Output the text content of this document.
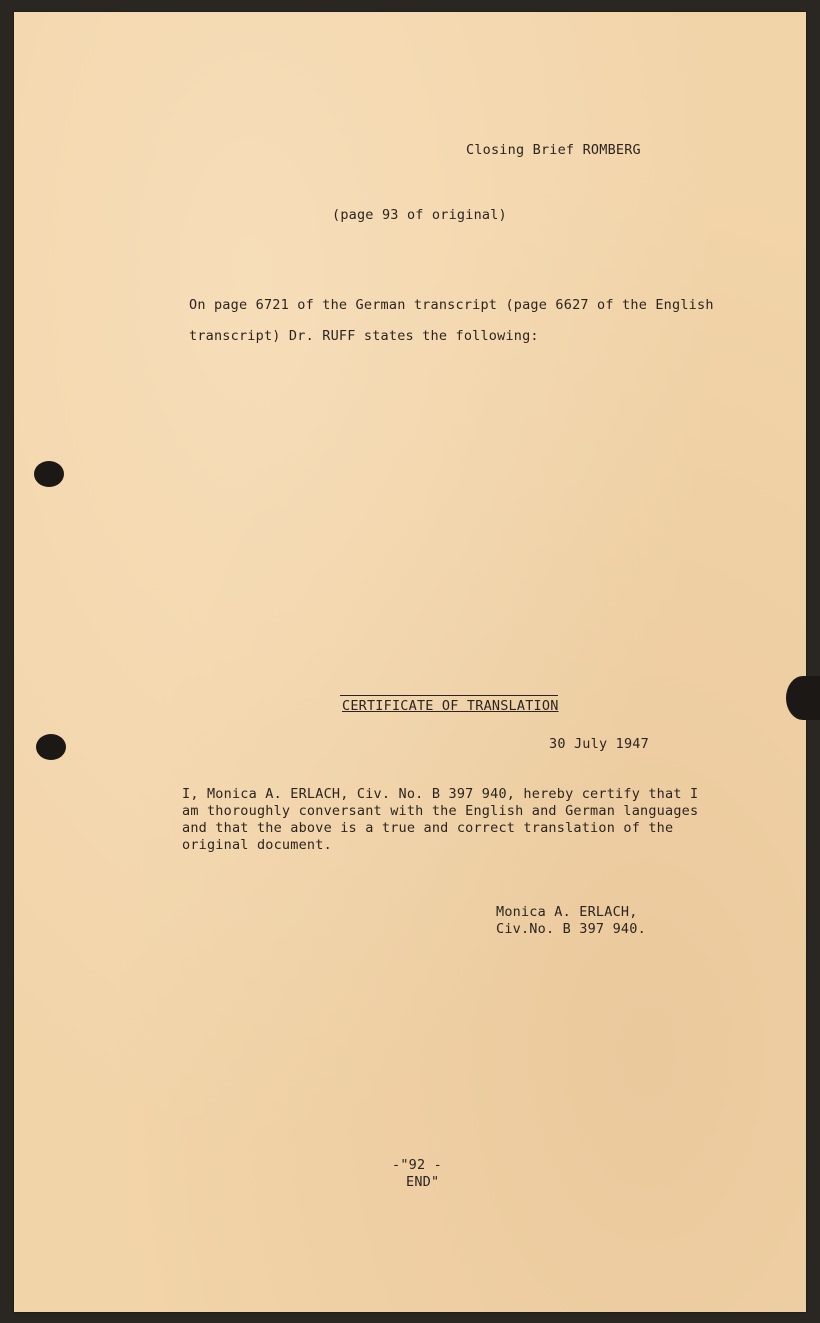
Closing Brief ROMBERG

(page 93 of original)

On page 6721 of the German transcript (page 6627 of the English

transcript) Dr. RUFF states the following:

CERTIFICATE OF TRANSLATION

30 July 1947

I, Monica A. ERLACH, Civ. No. B 397 940, hereby certify that I

am thoroughly conversant with the English and German languages

and that the above is a true and correct translation of the

original document.

Monica A. ERLACH,

Civ.No. B 397 940.

-"92 -

END"
